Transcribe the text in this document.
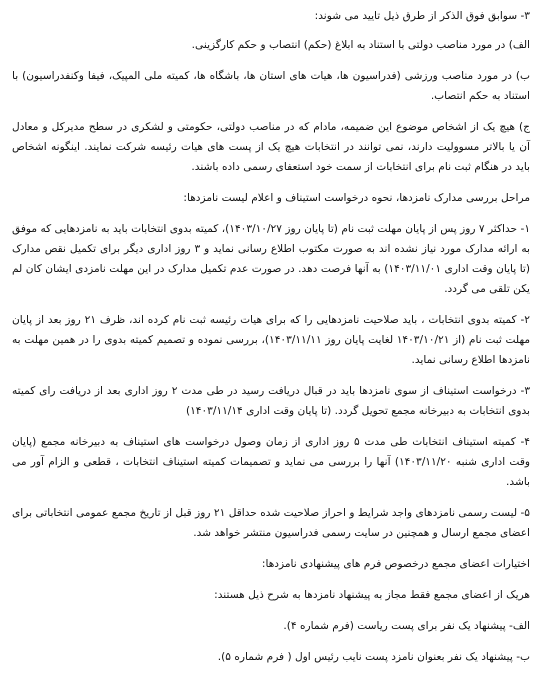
۳- سوابق فوق الذکر از طرق ذیل تایید می شوند:

الف) در مورد مناصب دولتی با استناد به ابلاغ (حکم) انتصاب و حکم کارگزینی.

ب) در مورد مناصب ورزشی (فدراسیون ها، هیات های استان ها، باشگاه ها، کمیته ملی المپیک، فیفا وکنفدراسیون) با استناد به حکم انتصاب.

ج) هیچ یک از اشخاص موضوع این ضمیمه، مادام که در مناصب دولتی، حکومتی و لشکری در سطح مدیرکل و معادل آن یا بالاتر مسوولیت دارند، نمی توانند در انتخابات هیچ یک از پست های هیات رئیسه شرکت نمایند. اینگونه اشخاص باید در هنگام ثبت نام برای انتخابات از سمت خود استعفای رسمی داده باشند.

مراحل بررسی مدارک نامزدها، نحوه درخواست استیناف و اعلام لیست نامزدها:

۱- حداکثر ۷ روز پس از پایان مهلت ثبت نام (تا پایان روز ۱۴۰۳/۱۰/۲۷)، کمیته بدوی انتخابات باید به نامزدهایی که موفق به ارائه مدارک مورد نیاز نشده اند به صورت مکتوب اطلاع رسانی نماید و ۳ روز اداری دیگر برای تکمیل نقص مدارک (تا پایان وقت اداری ۱۴۰۳/۱۱/۰۱) به آنها فرصت دهد. در صورت عدم تکمیل مدارک در این مهلت نامزدی ایشان کان لم یکن تلقی می گردد.

۲- کمیته بدوی انتخابات ، باید صلاحیت نامزدهایی را که برای هیات رئیسه ثبت نام کرده اند، ظرف ۲۱ روز بعد از پایان مهلت ثبت نام (از ۱۴۰۳/۱۰/۲۱ لغایت پایان روز ۱۴۰۳/۱۱/۱۱)، بررسی نموده و تصمیم کمیته بدوی را در همین مهلت به نامزدها اطلاع رسانی نماید.

۳- درخواست استیناف از سوی نامزدها باید در قبال دریافت رسید در طی مدت ۲ روز اداری بعد از دریافت رای کمیته بدوی انتخابات به دبیرخانه مجمع تحویل گردد. (تا پایان وقت اداری ۱۴۰۳/۱۱/۱۴)

۴- کمیته استیناف انتخابات طی مدت ۵ روز اداری از زمان وصول درخواست های استیناف به دبیرخانه مجمع (پایان وقت اداری شنبه ۱۴۰۳/۱۱/۲۰) آنها را بررسی می نماید و تصمیمات کمیته استیناف انتخابات ، قطعی و الزام آور می باشد.

۵- لیست رسمی نامزدهای واجد شرایط و احراز صلاحیت شده حداقل ۲۱ روز قبل از تاریخ مجمع عمومی انتخاباتی برای اعضای مجمع ارسال و همچنین در سایت رسمی فدراسیون منتشر خواهد شد.

اختیارات اعضای مجمع درخصوص فرم های پیشنهادی نامزدها:

هریک از اعضای مجمع فقط مجاز به پیشنهاد نامزدها به شرح ذیل هستند:

الف- پیشنهاد یک نفر برای پست ریاست (فرم شماره ۴).

ب- پیشنهاد یک نفر بعنوان نامزد پست نایب رئیس اول ( فرم شماره ۵).
